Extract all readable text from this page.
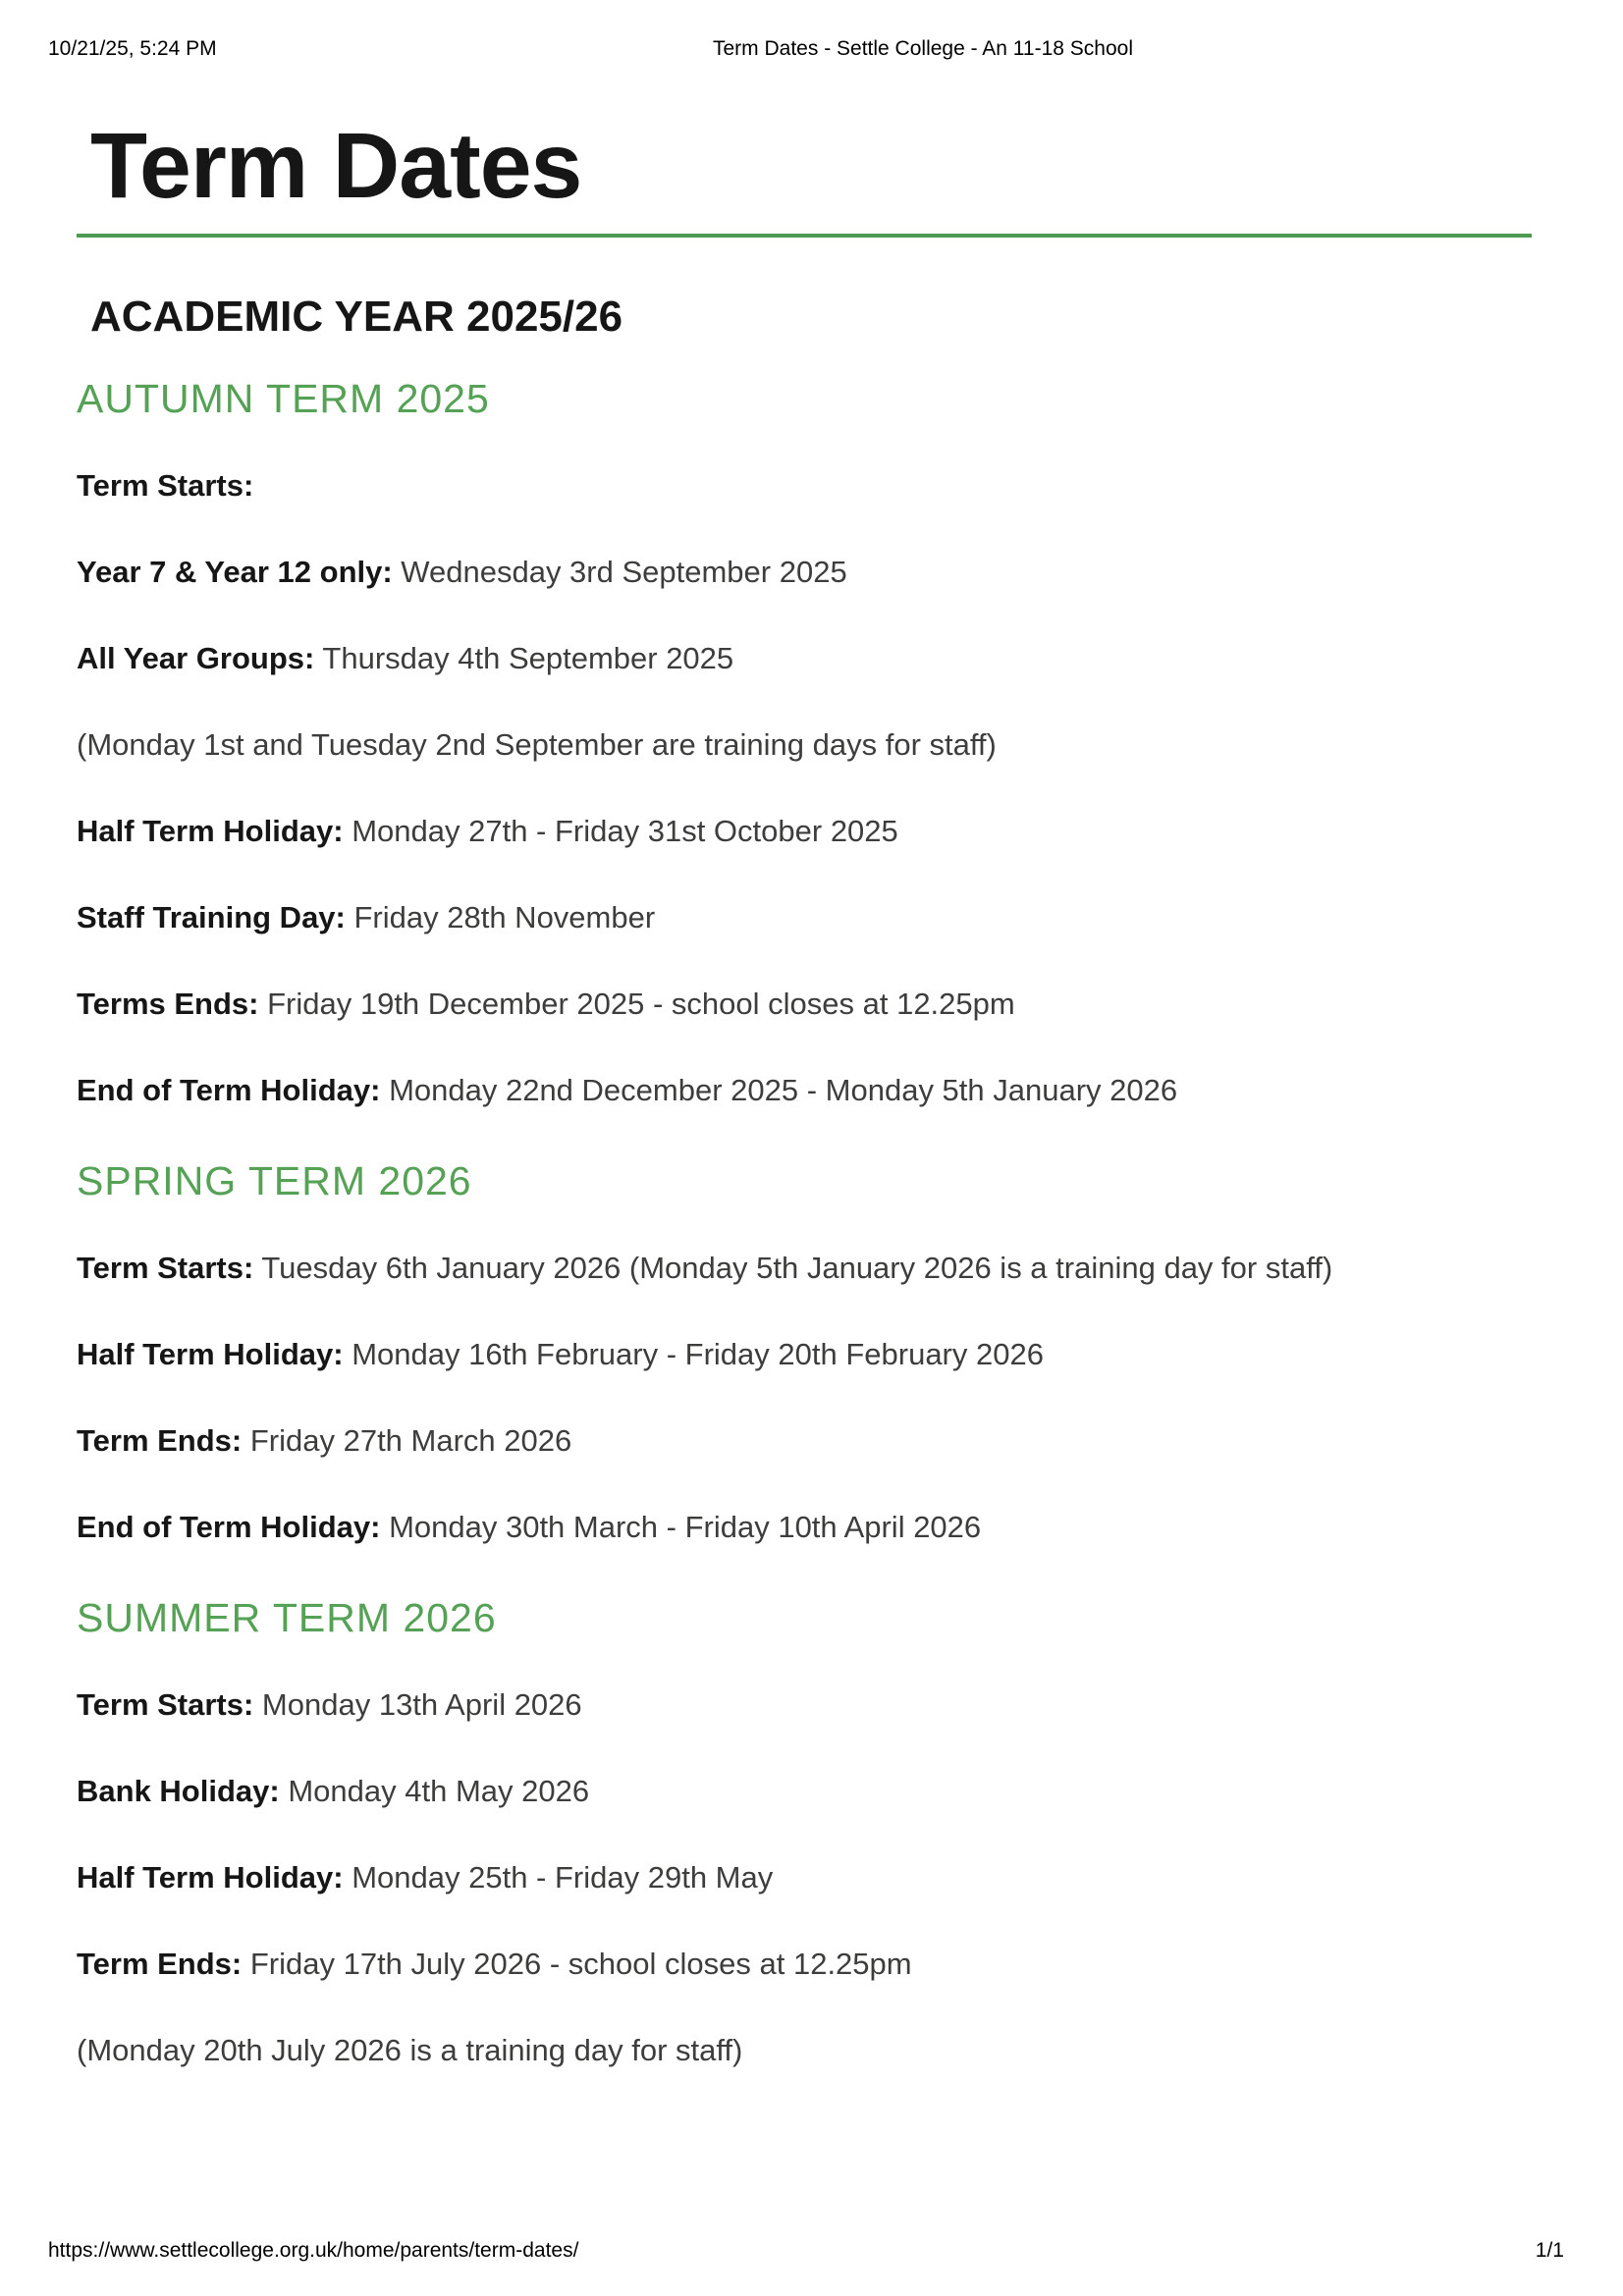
10/21/25, 5:24 PM	Term Dates - Settle College - An 11-18 School
Term Dates
ACADEMIC YEAR 2025/26
AUTUMN TERM 2025

Term Starts:

Year 7 & Year 12 only: Wednesday 3rd September 2025

All Year Groups: Thursday 4th September 2025

(Monday 1st and Tuesday 2nd September are training days for staff)

Half Term Holiday: Monday 27th - Friday 31st October 2025

Staff Training Day: Friday 28th November

Terms Ends: Friday 19th December 2025 - school closes at 12.25pm

End of Term Holiday: Monday 22nd December 2025 - Monday 5th January 2026

SPRING TERM 2026

Term Starts: Tuesday 6th January 2026 (Monday 5th January 2026 is a training day for staff)

Half Term Holiday: Monday 16th February - Friday 20th February 2026

Term Ends: Friday 27th March 2026

End of Term Holiday: Monday 30th March - Friday 10th April 2026

SUMMER TERM 2026

Term Starts: Monday 13th April 2026

Bank Holiday: Monday 4th May 2026

Half Term Holiday: Monday 25th - Friday 29th May

Term Ends: Friday 17th July 2026 - school closes at 12.25pm

(Monday 20th July 2026 is a training day for staff)

https://www.settlecollege.org.uk/home/parents/term-dates/	1/1
